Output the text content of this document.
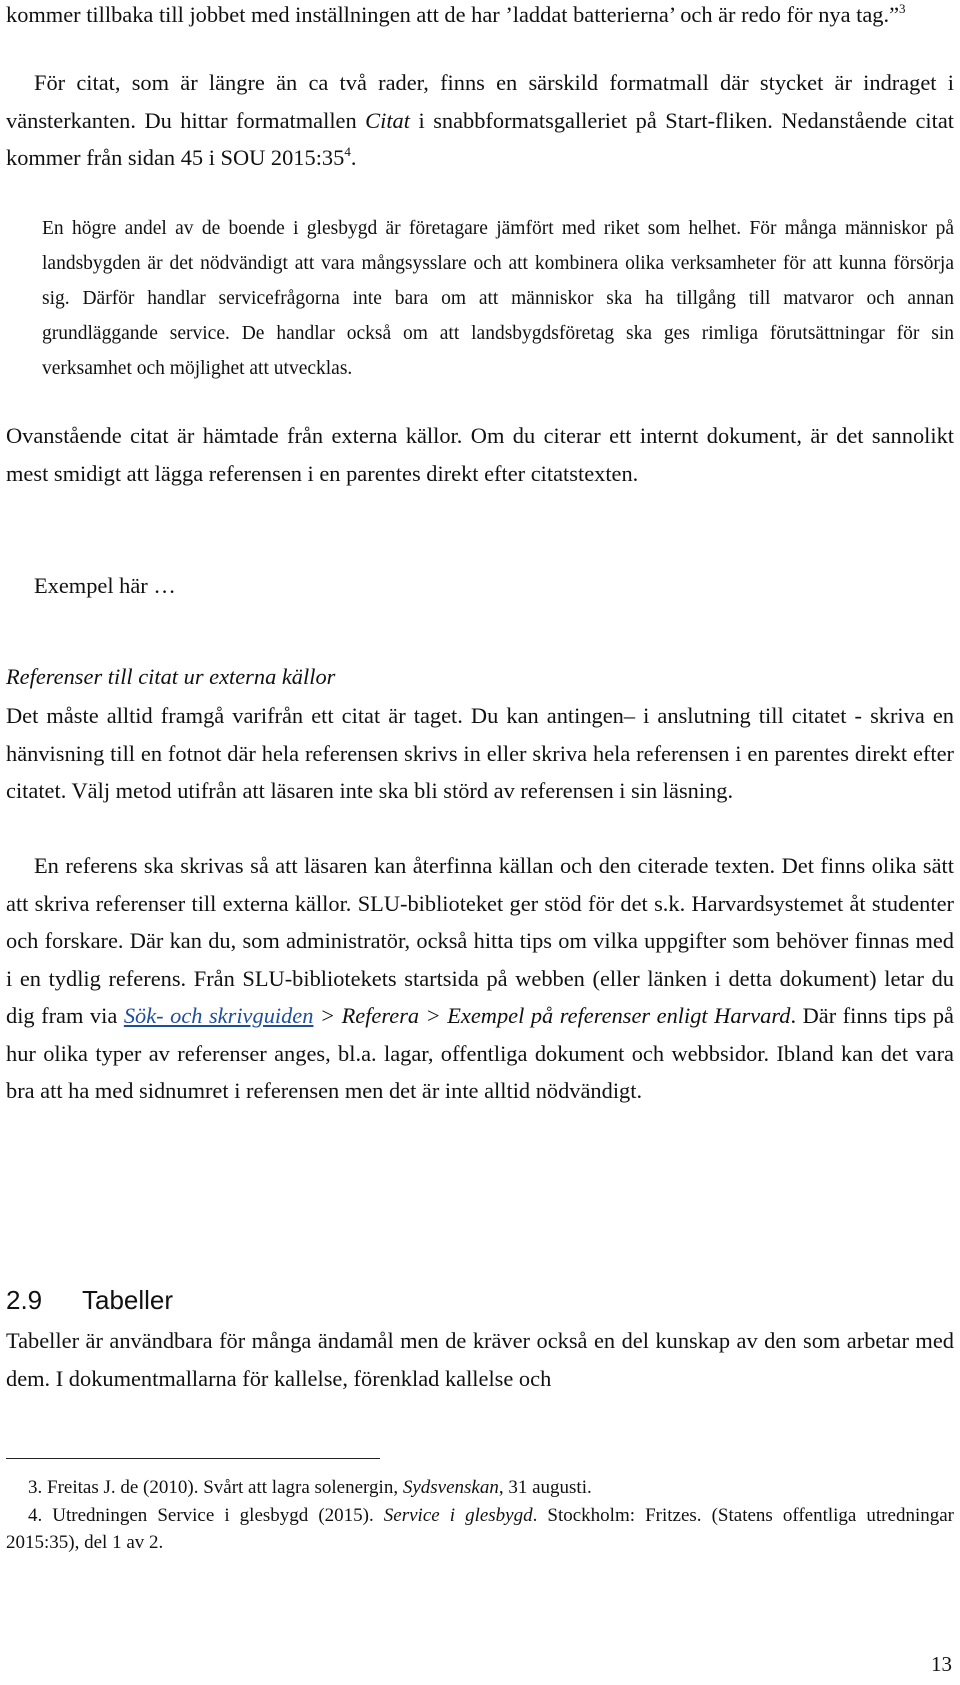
kommer tillbaka till jobbet med inställningen att de har ’laddat batterierna’ och är redo för nya tag.”$^3$

För citat, som är längre än ca två rader, finns en särskild formatmall där stycket är indraget i vänsterkanten. Du hittar formatmallen Citat i snabbformatsgalleriet på Start-fliken. Nedanstående citat kommer från sidan 45 i SOU $2015:35^4$.

En högre andel av de boende i glesbygd är företagare jämfört med riket som helhet. För många människor på landsbygden är det nödvändigt att vara mångsysslare och att kombinera olika verksamheter för att kunna försörja sig. Därför handlar servicefrågorna inte bara om att människor ska ha tillgång till matvaror och annan grundläggande service. De handlar också om att landsbygdsföretag ska ges rimliga förutsättningar för sin verksamhet och möjlighet att utvecklas.

Ovanstående citat är hämtade från externa källor. Om du citerar ett internt dokument, är det sannolikt mest smidigt att lägga referensen i en parentes direkt efter citatstexten.

Exempel här …

Referenser till citat ur externa källor

Det måste alltid framgå varifrån ett citat är taget. Du kan antingen– i anslutning till citatet - skriva en hänvisning till en fotnot där hela referensen skrivs in eller skriva hela referensen i en parentes direkt efter citatet. Välj metod utifrån att läsaren inte ska bli störd av referensen i sin läsning.

En referens ska skrivas så att läsaren kan återfinna källan och den citerade texten. Det finns olika sätt att skriva referenser till externa källor. SLU-biblioteket ger stöd för det s.k. Harvardsystemet åt studenter och forskare. Där kan du, som administratör, också hitta tips om vilka uppgifter som behöver finnas med i en tydlig referens. Från SLU-bibliotekets startsida på webben (eller länken i detta dokument) letar du dig fram via Sök- och skrivguiden > Referera > Exempel på referenser enligt Harvard. Där finns tips på hur olika typer av referenser anges, bl.a. lagar, offentliga dokument och webbsidor. Ibland kan det vara bra att ha med sidnumret i referensen men det är inte alltid nödvändigt.

2.9 Tabeller

Tabeller är användbara för många ändamål men de kräver också en del kunskap av den som arbetar med dem. I dokumentmallarna för kallelse, förenklad kallelse och

3. Freitas J. de (2010). Svårt att lagra solenergin, Sydsvenskan, 31 augusti.

4. Utredningen Service i glesbygd (2015). Service i glesbygd. Stockholm: Fritzes. (Statens offentliga utredningar 2015:35), del 1 av 2.

13
